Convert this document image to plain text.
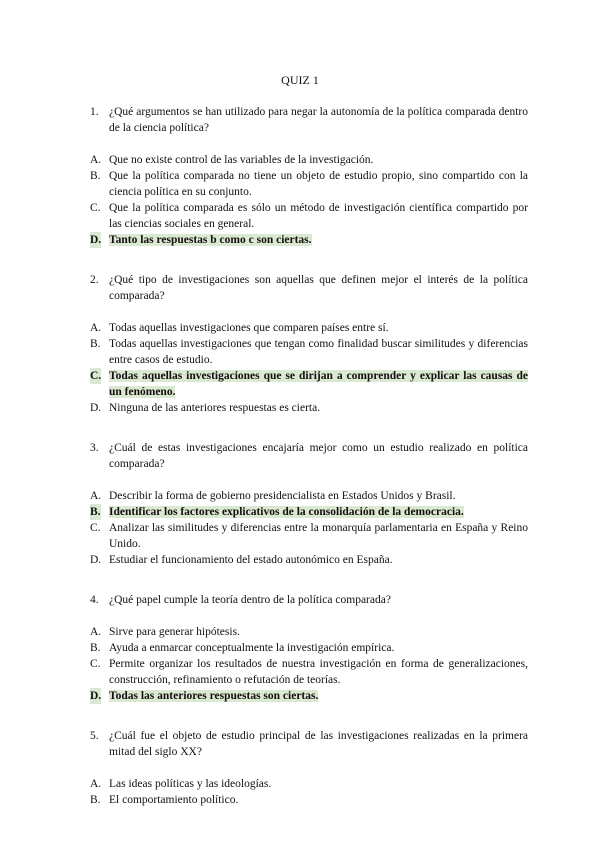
QUIZ 1
1. ¿Qué argumentos se han utilizado para negar la autonomía de la política comparada dentro de la ciencia política?
A. Que no existe control de las variables de la investigación.
B. Que la política comparada no tiene un objeto de estudio propio, sino compartido con la ciencia política en su conjunto.
C. Que la política comparada es sólo un método de investigación científica compartido por las ciencias sociales en general.
D. Tanto las respuestas b como c son ciertas.
2. ¿Qué tipo de investigaciones son aquellas que definen mejor el interés de la política comparada?
A. Todas aquellas investigaciones que comparen países entre sí.
B. Todas aquellas investigaciones que tengan como finalidad buscar similitudes y diferencias entre casos de estudio.
C. Todas aquellas investigaciones que se dirijan a comprender y explicar las causas de un fenómeno.
D. Ninguna de las anteriores respuestas es cierta.
3. ¿Cuál de estas investigaciones encajaría mejor como un estudio realizado en política comparada?
A. Describir la forma de gobierno presidencialista en Estados Unidos y Brasil.
B. Identificar los factores explicativos de la consolidación de la democracia.
C. Analizar las similitudes y diferencias entre la monarquía parlamentaria en España y Reino Unido.
D. Estudiar el funcionamiento del estado autonómico en España.
4. ¿Qué papel cumple la teoría dentro de la política comparada?
A. Sirve para generar hipótesis.
B. Ayuda a enmarcar conceptualmente la investigación empírica.
C. Permite organizar los resultados de nuestra investigación en forma de generalizaciones, construcción, refinamiento o refutación de teorías.
D. Todas las anteriores respuestas son ciertas.
5. ¿Cuál fue el objeto de estudio principal de las investigaciones realizadas en la primera mitad del siglo XX?
A. Las ideas políticas y las ideologías.
B. El comportamiento político.
